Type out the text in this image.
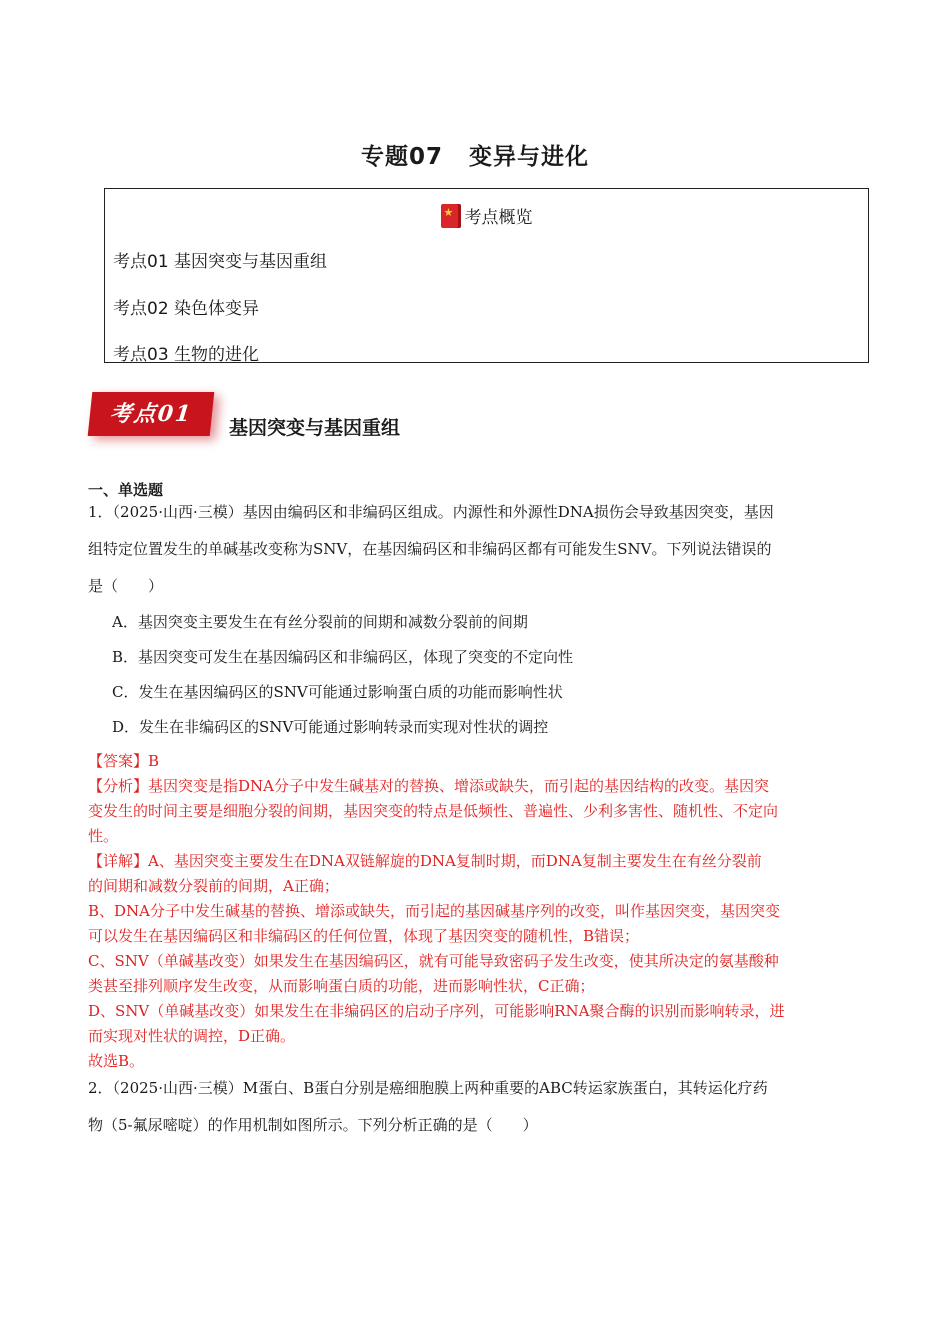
专题07 变异与进化
★考点概览
考点01 基因突变与基因重组
考点02 染色体变异
考点03 生物的进化
考点01
基因突变与基因重组
一、单选题
1．（2025·山西·三模）基因由编码区和非编码区组成。内源性和外源性DNA损伤会导致基因突变，基因
组特定位置发生的单碱基改变称为SNV，在基因编码区和非编码区都有可能发生SNV。下列说法错误的
是（　　）
A．基因突变主要发生在有丝分裂前的间期和减数分裂前的间期
B．基因突变可发生在基因编码区和非编码区，体现了突变的不定向性
C．发生在基因编码区的SNV可能通过影响蛋白质的功能而影响性状
D．发生在非编码区的SNV可能通过影响转录而实现对性状的调控

【答案】B

【分析】基因突变是指DNA分子中发生碱基对的替换、增添或缺失，而引起的基因结构的改变。基因突

变发生的时间主要是细胞分裂的间期，基因突变的特点是低频性、普遍性、少利多害性、随机性、不定向

性。

【详解】A、基因突变主要发生在DNA双链解旋的DNA复制时期，而DNA复制主要发生在有丝分裂前

的间期和减数分裂前的间期，A正确；

B、DNA分子中发生碱基的替换、增添或缺失，而引起的基因碱基序列的改变，叫作基因突变，基因突变

可以发生在基因编码区和非编码区的任何位置，体现了基因突变的随机性，B错误；

C、SNV（单碱基改变）如果发生在基因编码区，就有可能导致密码子发生改变，使其所决定的氨基酸种

类甚至排列顺序发生改变，从而影响蛋白质的功能，进而影响性状，C正确；

D、SNV（单碱基改变）如果发生在非编码区的启动子序列，可能影响RNA聚合酶的识别而影响转录，进

而实现对性状的调控，D正确。

故选B。

2．（2025·山西·三模）M蛋白、B蛋白分别是癌细胞膜上两种重要的ABC转运家族蛋白，其转运化疗药
物（5-氟尿嘧啶）的作用机制如图所示。下列分析正确的是（　　）
